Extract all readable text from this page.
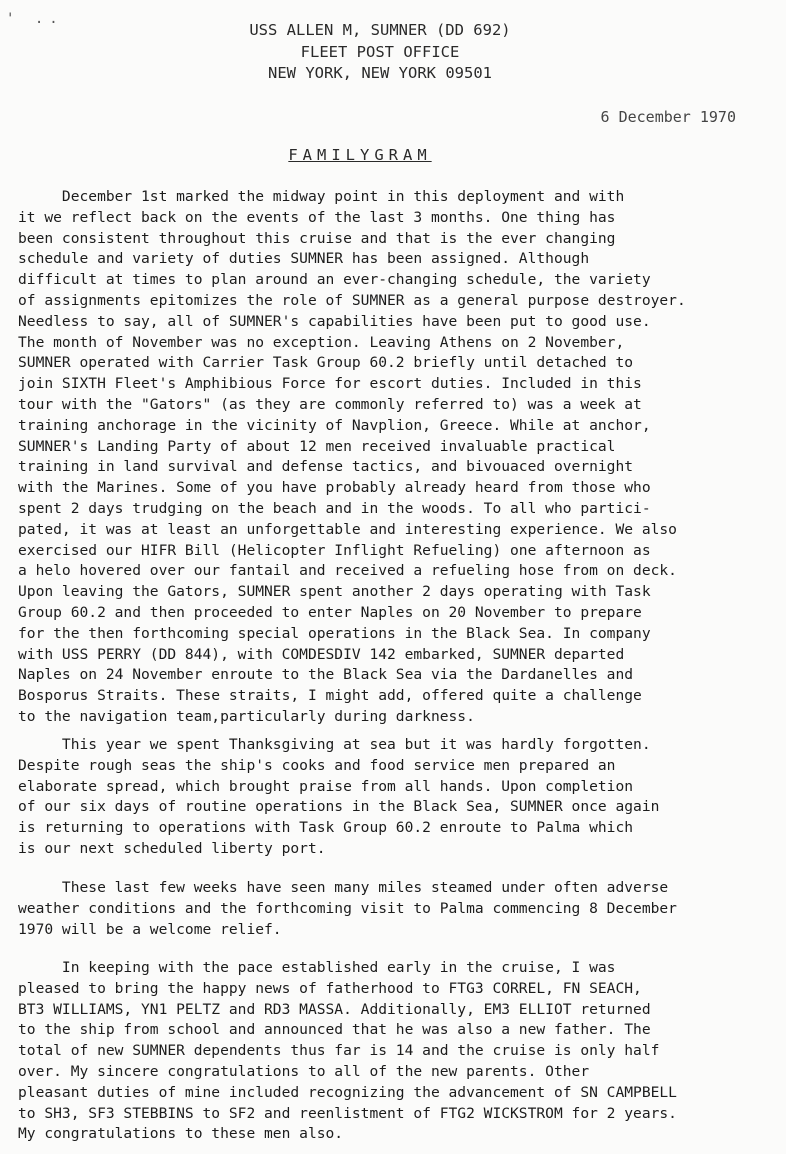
' ..
USS ALLEN M, SUMNER (DD 692)
FLEET POST OFFICE
NEW YORK, NEW YORK 09501
6 December 1970
FAMILYGRAM
December 1st marked the midway point in this deployment and with
it we reflect back on the events of the last 3 months. One thing has
been consistent throughout this cruise and that is the ever changing
schedule and variety of duties SUMNER has been assigned. Although
difficult at times to plan around an ever-changing schedule, the variety
of assignments epitomizes the role of SUMNER as a general purpose destroyer.
Needless to say, all of SUMNER's capabilities have been put to good use.
The month of November was no exception. Leaving Athens on 2 November,
SUMNER operated with Carrier Task Group 60.2 briefly until detached to
join SIXTH Fleet's Amphibious Force for escort duties. Included in this
tour with the "Gators" (as they are commonly referred to) was a week at
training anchorage in the vicinity of Navplion, Greece. While at anchor,
SUMNER's Landing Party of about 12 men received invaluable practical
training in land survival and defense tactics, and bivouaced overnight
with the Marines. Some of you have probably already heard from those who
spent 2 days trudging on the beach and in the woods. To all who partici-
pated, it was at least an unforgettable and interesting experience. We also
exercised our HIFR Bill (Helicopter Inflight Refueling) one afternoon as
a helo hovered over our fantail and received a refueling hose from on deck.
Upon leaving the Gators, SUMNER spent another 2 days operating with Task
Group 60.2 and then proceeded to enter Naples on 20 November to prepare
for the then forthcoming special operations in the Black Sea. In company
with USS PERRY (DD 844), with COMDESDIV 142 embarked, SUMNER departed
Naples on 24 November enroute to the Black Sea via the Dardanelles and
Bosporus Straits. These straits, I might add, offered quite a challenge
to the navigation team,particularly during darkness.
This year we spent Thanksgiving at sea but it was hardly forgotten.
Despite rough seas the ship's cooks and food service men prepared an
elaborate spread, which brought praise from all hands. Upon completion
of our six days of routine operations in the Black Sea, SUMNER once again
is returning to operations with Task Group 60.2 enroute to Palma which
is our next scheduled liberty port.
These last few weeks have seen many miles steamed under often adverse
weather conditions and the forthcoming visit to Palma commencing 8 December
1970 will be a welcome relief.
In keeping with the pace established early in the cruise, I was
pleased to bring the happy news of fatherhood to FTG3 CORREL, FN SEACH,
BT3 WILLIAMS, YN1 PELTZ and RD3 MASSA. Additionally, EM3 ELLIOT returned
to the ship from school and announced that he was also a new father. The
total of new SUMNER dependents thus far is 14 and the cruise is only half
over. My sincere congratulations to all of the new parents. Other
pleasant duties of mine included recognizing the advancement of SN CAMPBELL
to SH3, SF3 STEBBINS to SF2 and reenlistment of FTG2 WICKSTROM for 2 years.
My congratulations to these men also.
